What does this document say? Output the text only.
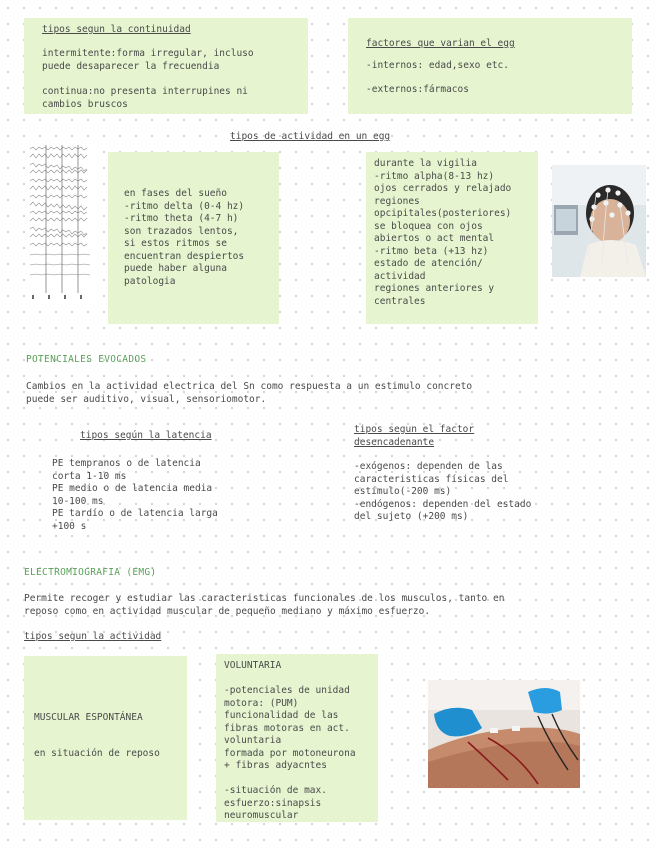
tipos segun la continuidad
intermitente:forma irregular, incluso
puede desaparecer la frecuendia
continua:no presenta interrupines ni
cambios bruscos
factores que varian el egg
-internos: edad,sexo etc.
-externos:fármacos
tipos de actividad en un egg
en fases del sueño
-ritmo delta (0-4 hz)
-ritmo theta (4-7 h)
son trazados lentos,
si estos ritmos se
encuentran despiertos
puede haber alguna
patologia
durante la vigilia
-ritmo alpha(8-13 hz)
ojos cerrados y relajado
regiones
opcipitales(posteriores)
se bloquea con ojos
abiertos o act mental
-ritmo beta (+13 hz)
estado de atención/
actividad
regiones anteriores y
centrales
POTENCIALES EVOCADOS
Cambios en la actividad electrica del Sn como respuesta a un estimulo concreto
puede ser auditivo, visual, sensoriomotor.
tipos según la latencia
PE tempranos o de latencia
corta 1-10 ms
PE medio o de latencia media
10-100 ms
PE tardío o de latencia larga
+100 s
tipos segun el factor
desencadenante
-exógenos: dependen de las
caracteristicas físicas del
estímulo(-200 ms)
-endógenos: dependen del estado
del sujeto (+200 ms)
ELECTROMIOGRAFIA (EMG)
Permite recoger y estudiar las caracteristicas funcionales de los musculos, tanto en
reposo como en actividad muscular de pequeño mediano y máximo esfuerzo.
tipos segun la actividad
MUSCULAR ESPONTÁNEA
en situación de reposo
VOLUNTARIA
-potenciales de unidad
motora: (PUM)
funcionalidad de las
fibras motoras en act.
voluntaria
formada por motoneurona
+ fibras adyacntes

-situación de max.
esfuerzo:sinapsis
neuromuscular
